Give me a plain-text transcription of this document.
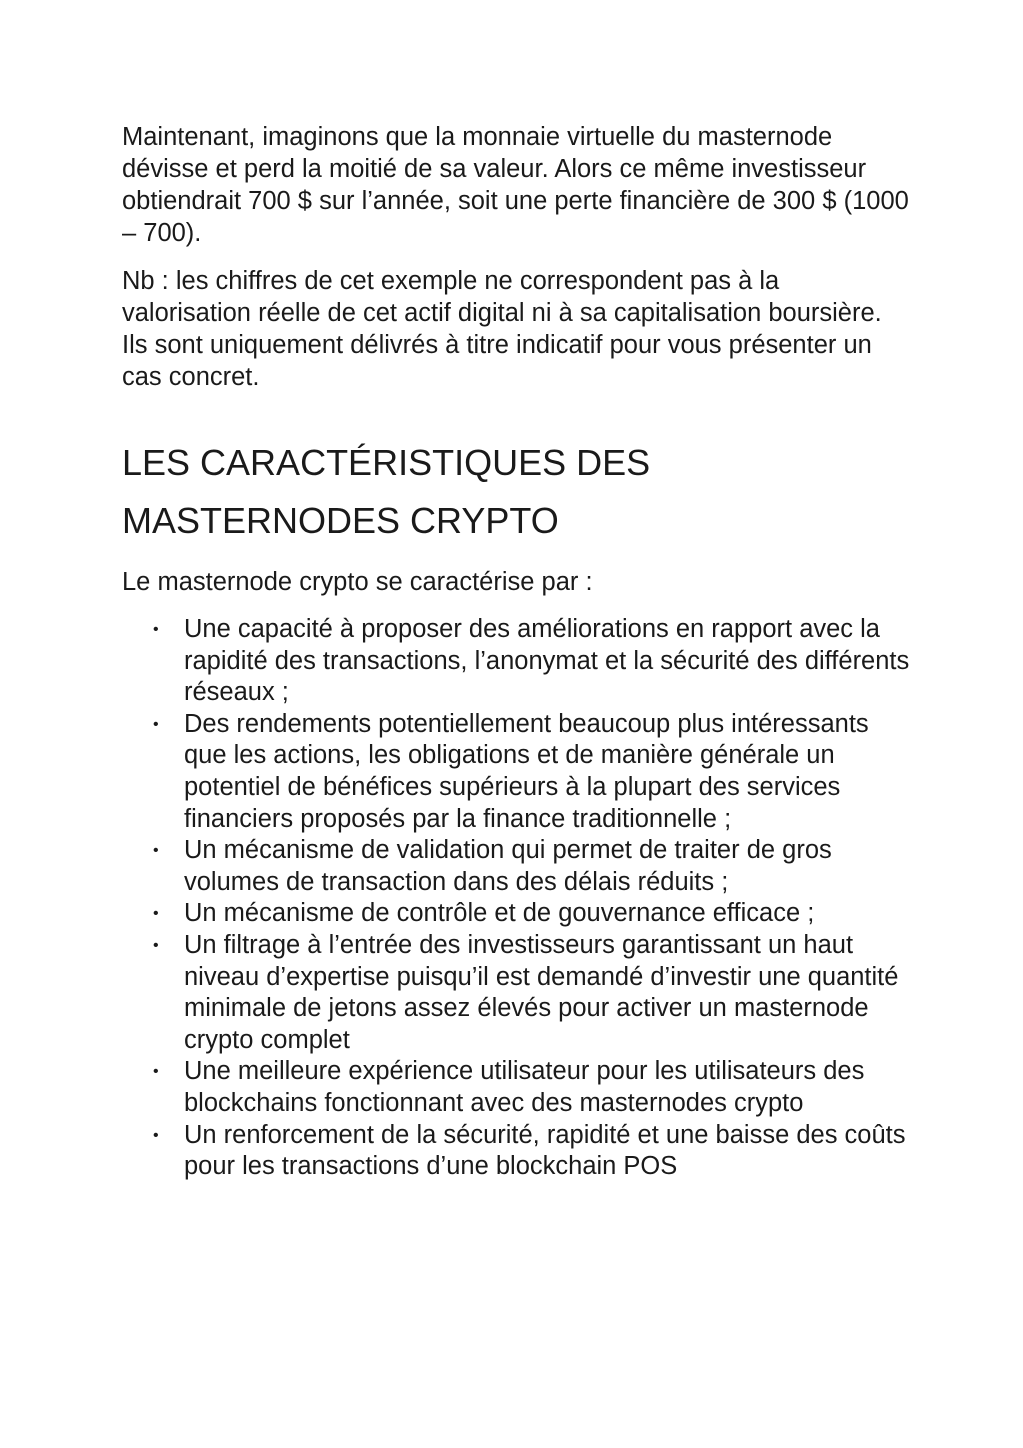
Maintenant, imaginons que la monnaie virtuelle du masternode dévisse et perd la moitié de sa valeur. Alors ce même investisseur obtiendrait 700 $ sur l’année, soit une perte financière de 300 $ (1000 – 700).

Nb : les chiffres de cet exemple ne correspondent pas à la valorisation réelle de cet actif digital ni à sa capitalisation boursière. Ils sont uniquement délivrés à titre indicatif pour vous présenter un cas concret.

LES CARACTÉRISTIQUES DES MASTERNODES CRYPTO

Le masternode crypto se caractérise par :

• Une capacité à proposer des améliorations en rapport avec la rapidité des transactions, l’anonymat et la sécurité des différents réseaux ;
• Des rendements potentiellement beaucoup plus intéressants que les actions, les obligations et de manière générale un potentiel de bénéfices supérieurs à la plupart des services financiers proposés par la finance traditionnelle ;
• Un mécanisme de validation qui permet de traiter de gros volumes de transaction dans des délais réduits ;
• Un mécanisme de contrôle et de gouvernance efficace ;
• Un filtrage à l’entrée des investisseurs garantissant un haut niveau d’expertise puisqu’il est demandé d’investir une quantité minimale de jetons assez élevés pour activer un masternode crypto complet
• Une meilleure expérience utilisateur pour les utilisateurs des blockchains fonctionnant avec des masternodes crypto
• Un renforcement de la sécurité, rapidité et une baisse des coûts pour les transactions d’une blockchain POS
